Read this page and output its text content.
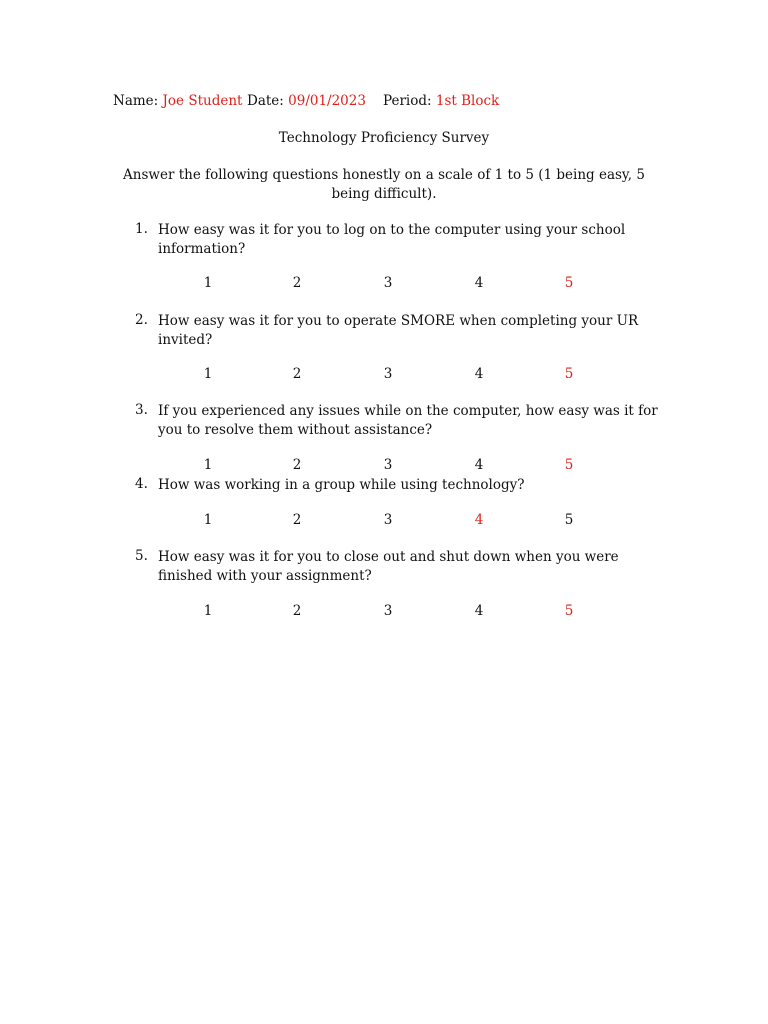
Name: Joe Student Date: 09/01/2023 Period: 1st Block
Technology Proficiency Survey
Answer the following questions honestly on a scale of 1 to 5 (1 being easy, 5 being difficult).
1. How easy was it for you to log on to the computer using your school information?
1	2	3	4	5
2. How easy was it for you to operate SMORE when completing your UR invited?
1	2	3	4	5
3. If you experienced any issues while on the computer, how easy was it for you to resolve them without assistance?
1	2	3	4	5
4. How was working in a group while using technology?
1	2	3	4	5
5. How easy was it for you to close out and shut down when you were finished with your assignment?
1	2	3	4	5
